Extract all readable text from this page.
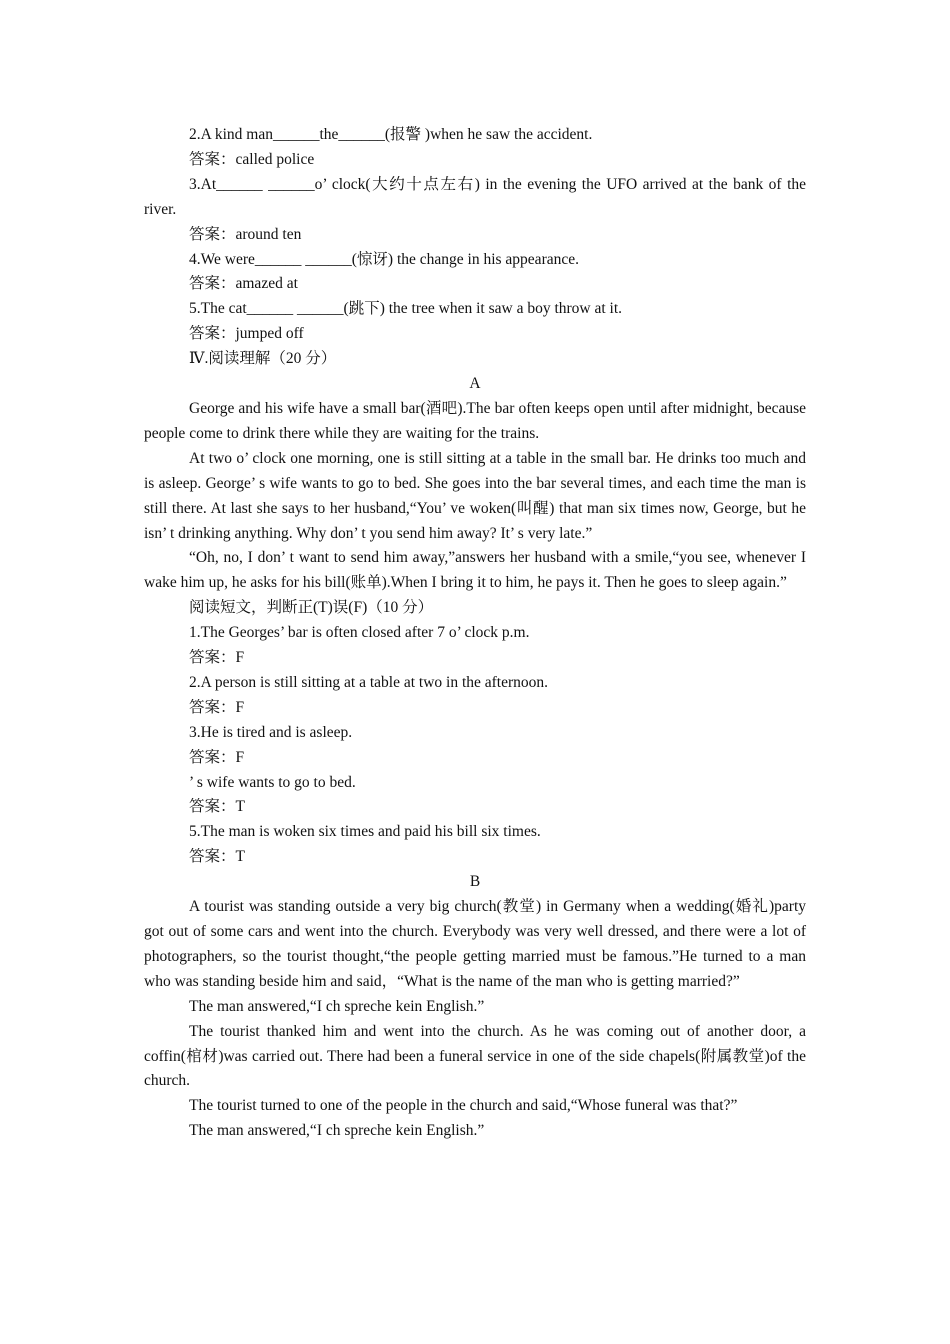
2.A kind man______the______(报警 )when he saw the accident.

答案：called police

3.At______ ______o’ clock(大约十点左右) in the evening the UFO arrived at the bank of the river.

答案：around ten

4.We were______ ______(惊讶) the change in his appearance.

答案：amazed at

5.The cat______ ______(跳下) the tree when it saw a boy throw at it.

答案：jumped off

Ⅳ.阅读理解（20 分）

A

George and his wife have a small bar(酒吧).The bar often keeps open until after midnight, because people come to drink there while they are waiting for the trains.

At two o’ clock one morning, one is still sitting at a table in the small bar. He drinks too much and is asleep. George’ s wife wants to go to bed. She goes into the bar several times, and each time the man is still there. At last she says to her husband,“You’ ve woken(叫醒) that man six times now, George, but he isn’ t drinking anything. Why don’ t you send him away? It’ s very late.”

“Oh, no, I don’ t want to send him away,”answers her husband with a smile,“you see, whenever I wake him up, he asks for his bill(账单).When I bring it to him, he pays it. Then he goes to sleep again.”

阅读短文，判断正(T)误(F)（10 分）

1.The Georges’ bar is often closed after 7 o’ clock p.m.

答案：F

2.A person is still sitting at a table at two in the afternoon.

答案：F

3.He is tired and is asleep.

答案：F

’ s wife wants to go to bed.

答案：T

5.The man is woken six times and paid his bill six times.

答案：T

B

A tourist was standing outside a very big church(教堂) in Germany when a wedding(婚礼)party got out of some cars and went into the church. Everybody was very well dressed, and there were a lot of photographers, so the tourist thought,“the people getting married must be famous.”He turned to a man who was standing beside him and said，“What is the name of the man who is getting married?”

The man answered,“I ch spreche kein English.”

The tourist thanked him and went into the church. As he was coming out of another door, a coffin(棺材)was carried out. There had been a funeral service in one of the side chapels(附属教堂)of the church.

The tourist turned to one of the people in the church and said,“Whose funeral was that?”

The man answered,“I ch spreche kein English.”
